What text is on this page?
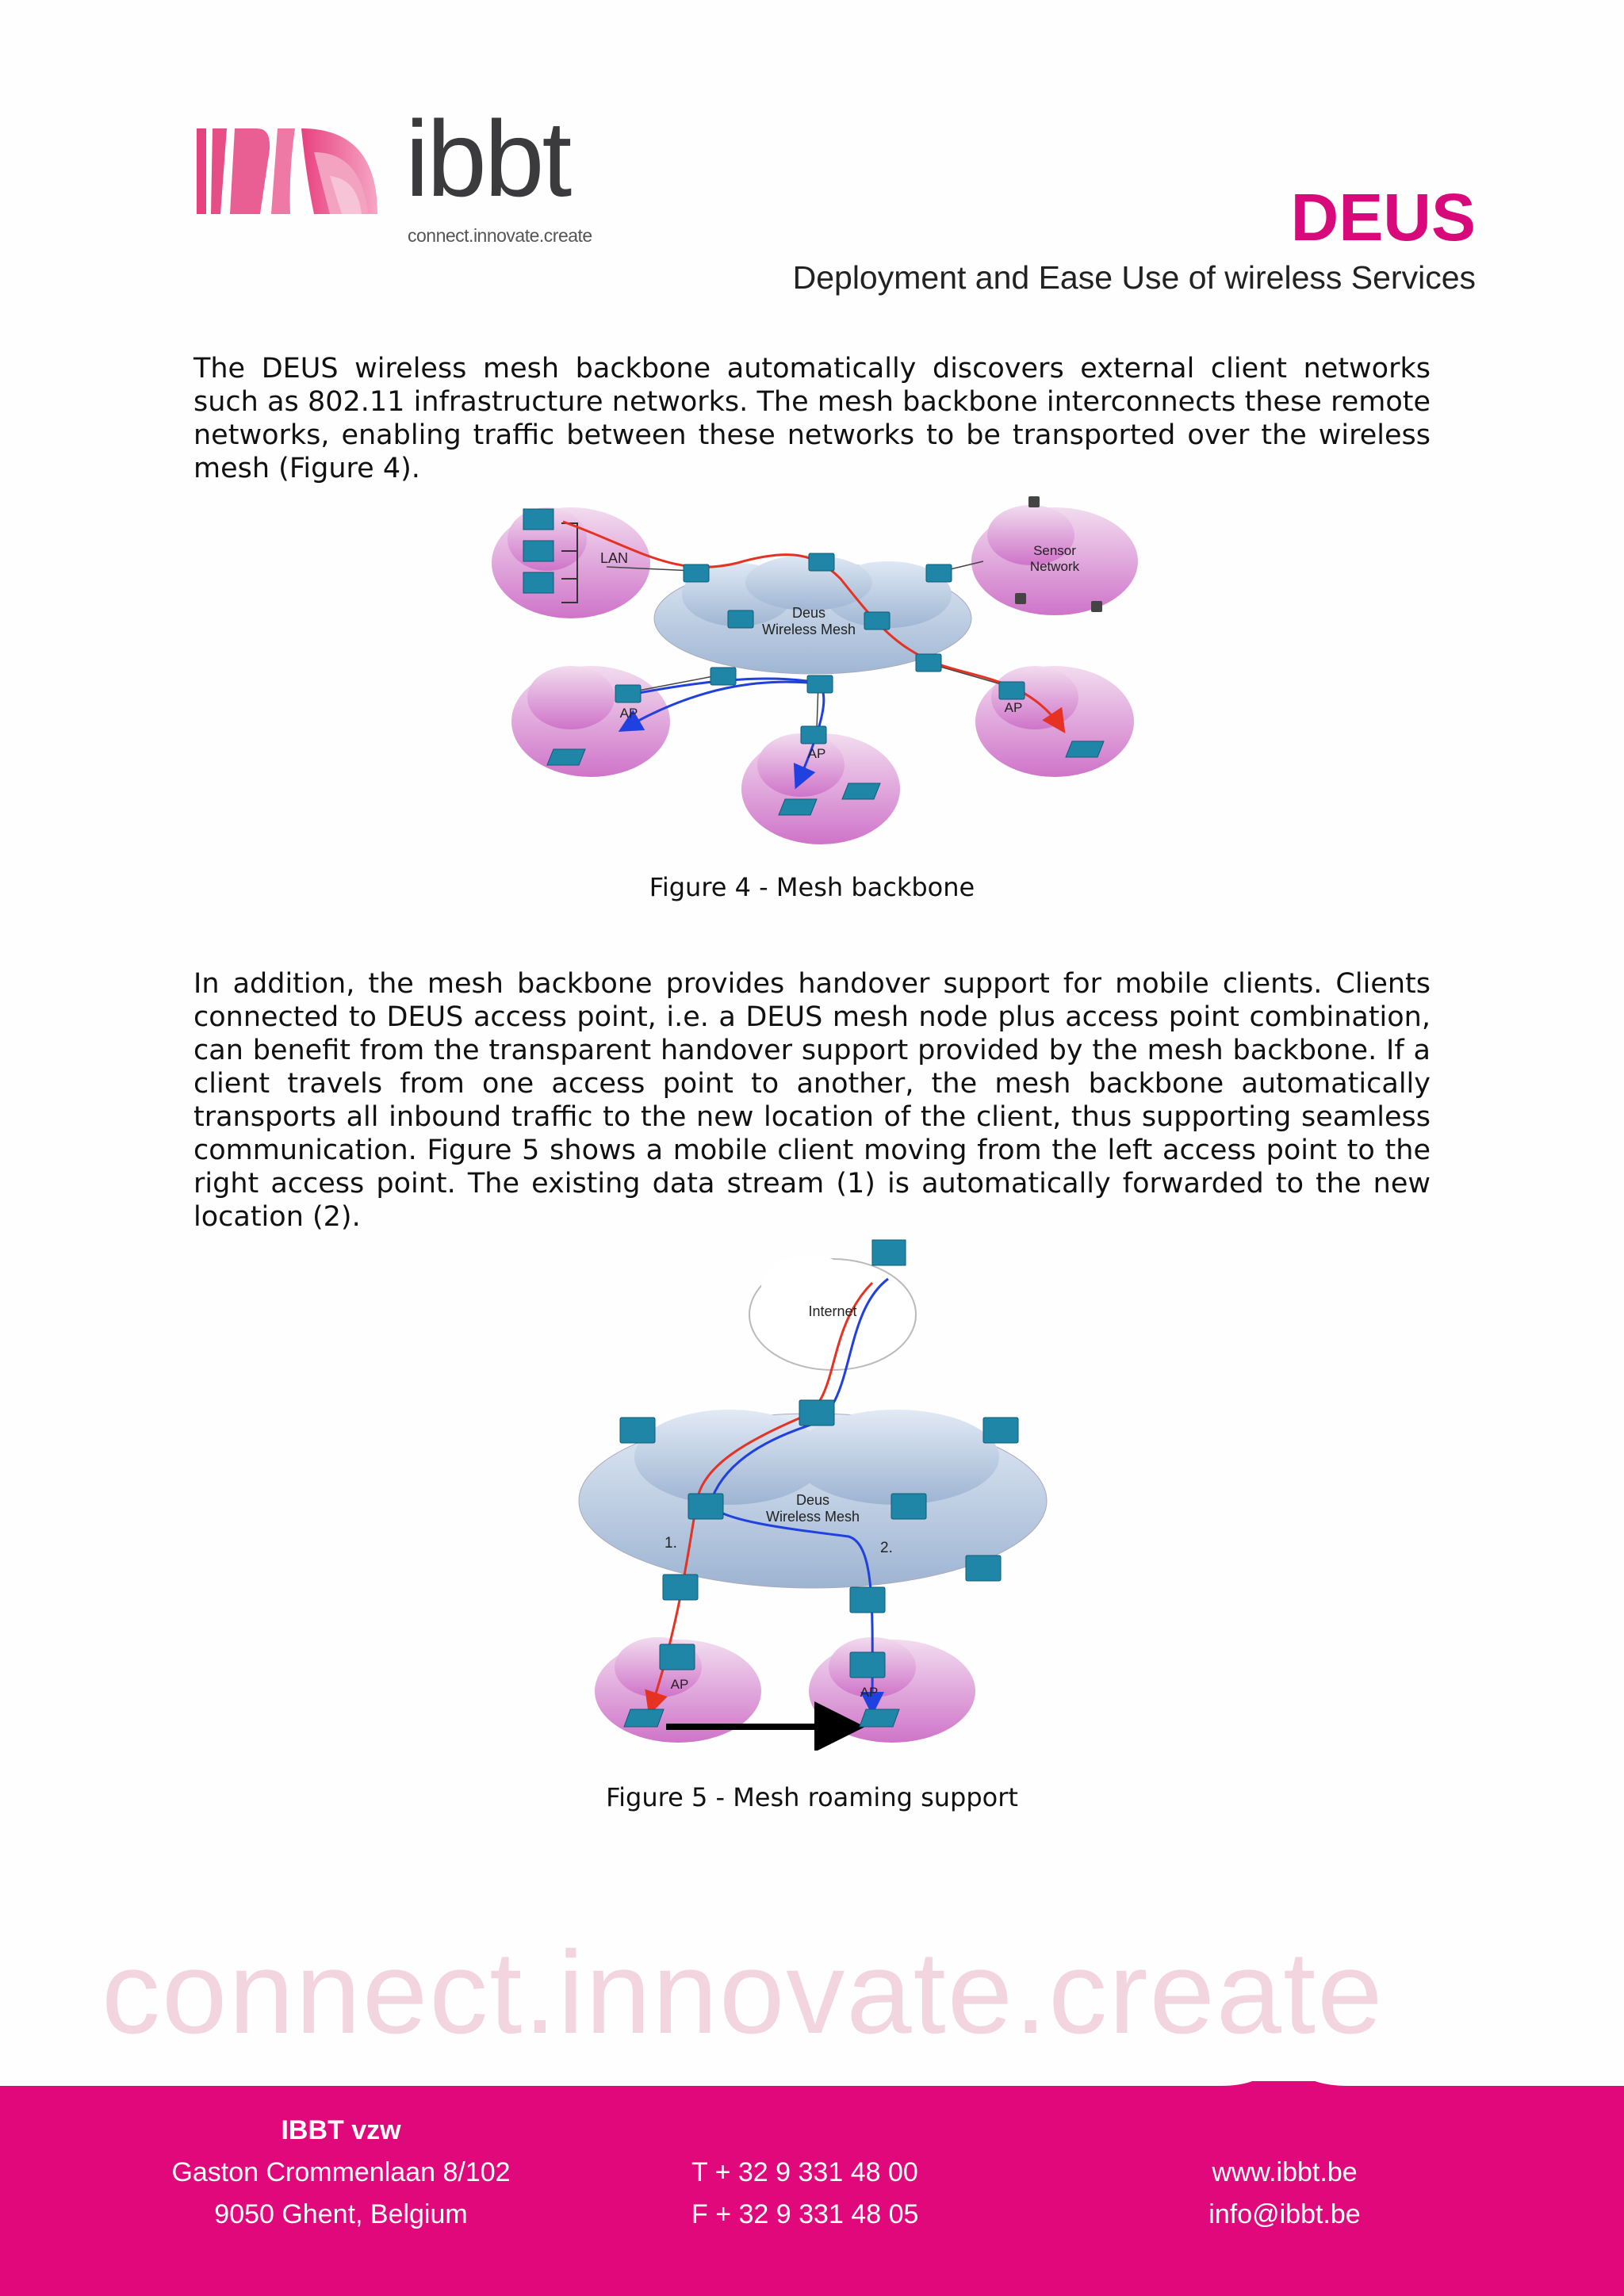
ibbt
connect.innovate.create	DEUS
Deployment and Ease Use of wireless Services

The DEUS wireless mesh backbone automatically discovers external client networks such as 802.11 infrastructure networks. The mesh backbone interconnects these remote networks, enabling traffic between these networks to be transported over the wireless mesh (Figure 4).

LAN	Sensor
Network
Deus
Wireless Mesh
AP
AP
AP

Figure 4 - Mesh backbone

In addition, the mesh backbone provides handover support for mobile clients. Clients connected to DEUS access point, i.e. a DEUS mesh node plus access point combination, can benefit from the transparent handover support provided by the mesh backbone. If a client travels from one access point to another, the mesh backbone automatically transports all inbound traffic to the new location of the client, thus supporting seamless communication. Figure 5 shows a mobile client moving from the left access point to the right access point. The existing data stream (1) is automatically forwarded to the new location (2).

Internet
Deus
Wireless Mesh
1.	2.
AP
AP

Figure 5 - Mesh roaming support

connect.innovate.create
IBBT vzw
Gaston Crommenlaan 8/102
9050 Ghent, Belgium
T + 32 9 331 48 00
F + 32 9 331 48 05
www.ibbt.be
info@ibbt.be
